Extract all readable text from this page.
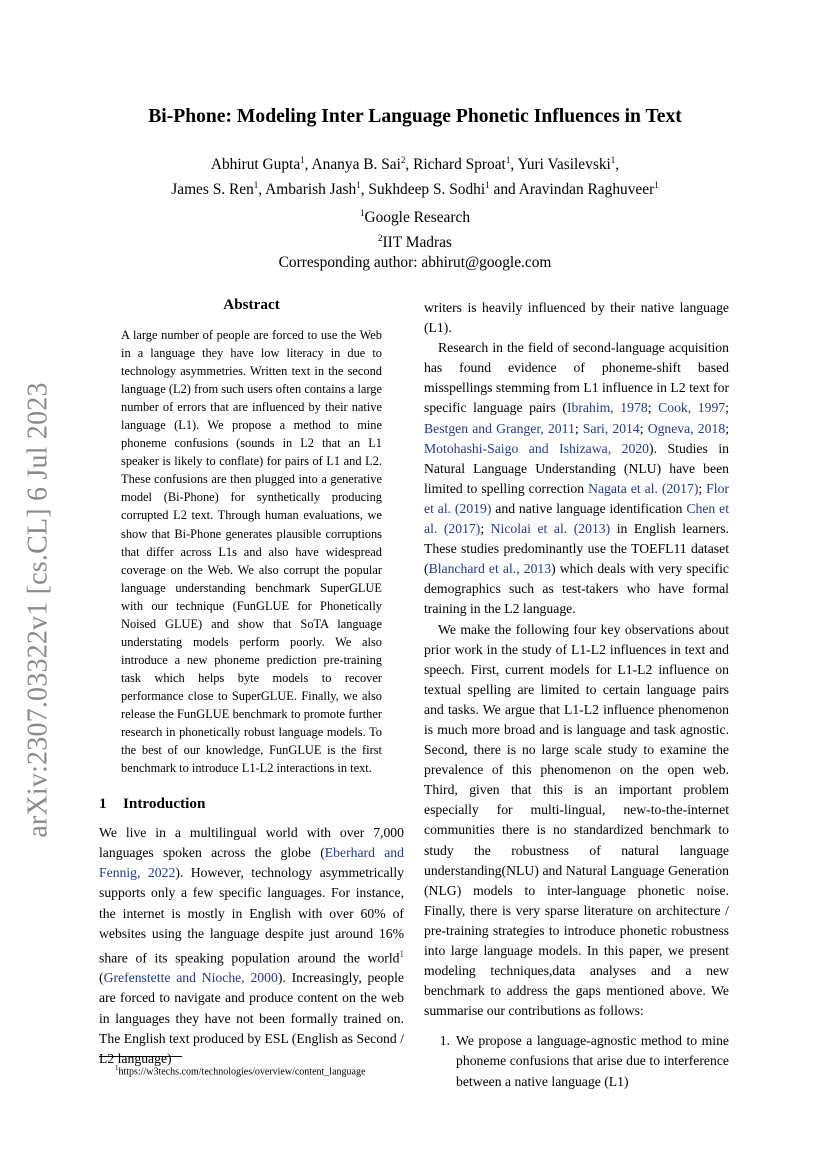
arXiv:2307.03322v1 [cs.CL] 6 Jul 2023
Bi-Phone: Modeling Inter Language Phonetic Influences in Text
Abhirut Gupta$^1$, Ananya B. Sai$^2$, Richard Sproat$^1$, Yuri Vasilevski$^1$,
James S. Ren$^1$, Ambarish Jash$^1$, Sukhdeep S. Sodhi$^1$ and Aravindan Raghuveer$^1$
$^1$Google Research
$^2$IIT Madras
Corresponding author: abhirut@google.com
Abstract

A large number of people are forced to use the Web in a language they have low literacy in due to technology asymmetries. Written text in the second language (L2) from such users often contains a large number of errors that are influenced by their native language (L1). We propose a method to mine phoneme confusions (sounds in L2 that an L1 speaker is likely to conflate) for pairs of L1 and L2. These confusions are then plugged into a generative model (Bi-Phone) for synthetically producing corrupted L2 text. Through human evaluations, we show that Bi-Phone generates plausible corruptions that differ across L1s and also have widespread coverage on the Web. We also corrupt the popular language understanding benchmark SuperGLUE with our technique (FunGLUE for Phonetically Noised GLUE) and show that SoTA language understating models perform poorly. We also introduce a new phoneme prediction pre-training task which helps byte models to recover performance close to SuperGLUE. Finally, we also release the FunGLUE benchmark to promote further research in phonetically robust language models. To the best of our knowledge, FunGLUE is the first benchmark to introduce L1-L2 interactions in text.

1 Introduction

We live in a multilingual world with over 7,000 languages spoken across the globe (Eberhard and Fennig, 2022). However, technology asymmetrically supports only a few specific languages. For instance, the internet is mostly in English with over 60% of websites using the language despite just around 16% share of its speaking population around the world$^1$ (Grefenstette and Nioche, 2000). Increasingly, people are forced to navigate and produce content on the web in languages they have not been formally trained on. The English text produced by ESL (English as Second / L2 language)

$^1$https://w3techs.com/technologies/overview/content_language

writers is heavily influenced by their native language (L1).

Research in the field of second-language acquisition has found evidence of phoneme-shift based misspellings stemming from L1 influence in L2 text for specific language pairs (Ibrahim, 1978; Cook, 1997; Bestgen and Granger, 2011; Sari, 2014; Ogneva, 2018; Motohashi-Saigo and Ishizawa, 2020). Studies in Natural Language Understanding (NLU) have been limited to spelling correction Nagata et al. (2017); Flor et al. (2019) and native language identification Chen et al. (2017); Nicolai et al. (2013) in English learners. These studies predominantly use the TOEFL11 dataset (Blanchard et al., 2013) which deals with very specific demographics such as test-takers who have formal training in the L2 language.

We make the following four key observations about prior work in the study of L1-L2 influences in text and speech. First, current models for L1-L2 influence on textual spelling are limited to certain language pairs and tasks. We argue that L1-L2 influence phenomenon is much more broad and is language and task agnostic. Second, there is no large scale study to examine the prevalence of this phenomenon on the open web. Third, given that this is an important problem especially for multi-lingual, new-to-the-internet communities there is no standardized benchmark to study the robustness of natural language understanding(NLU) and Natural Language Generation (NLG) models to inter-language phonetic noise. Finally, there is very sparse literature on architecture / pre-training strategies to introduce phonetic robustness into large language models. In this paper, we present modeling techniques,data analyses and a new benchmark to address the gaps mentioned above. We summarise our contributions as follows:

1. We propose a language-agnostic method to mine phoneme confusions that arise due to interference between a native language (L1)
